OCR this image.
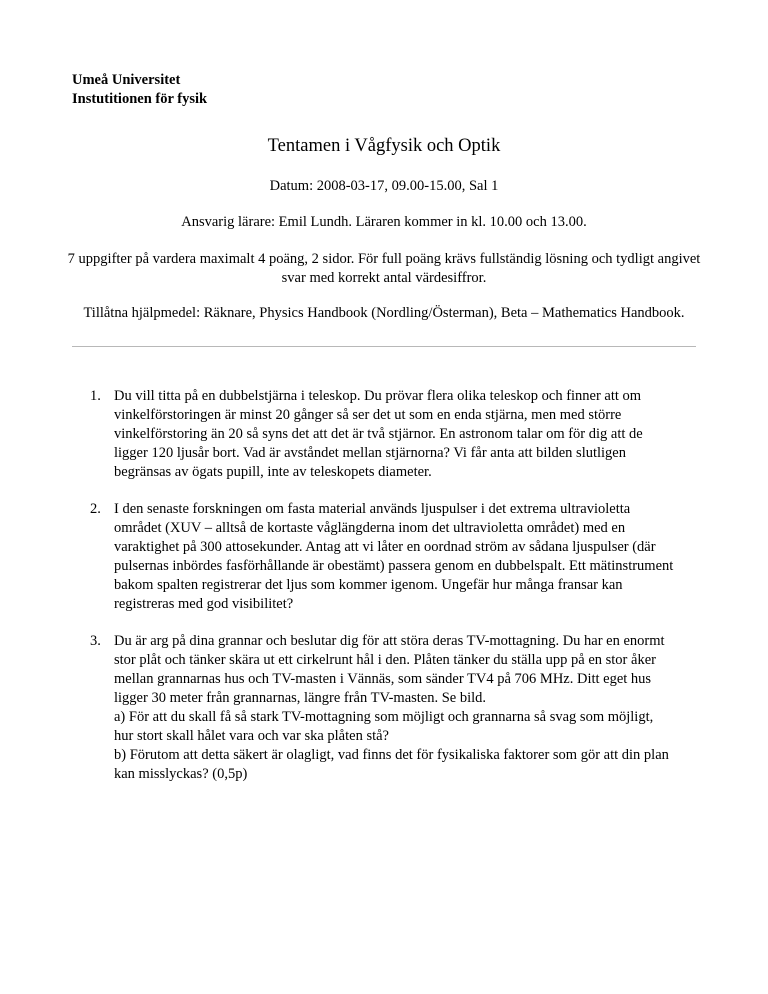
Umeå Universitet
Instutitionen för fysik
Tentamen i Vågfysik och Optik
Datum: 2008-03-17, 09.00-15.00, Sal 1
Ansvarig lärare: Emil Lundh. Läraren kommer in kl. 10.00 och 13.00.
7 uppgifter på vardera maximalt 4 poäng, 2 sidor. För full poäng krävs fullständig lösning och tydligt angivet svar med korrekt antal värdesiffror.
Tillåtna hjälpmedel: Räknare, Physics Handbook (Nordling/Österman), Beta – Mathematics Handbook.
1. Du vill titta på en dubbelstjärna i teleskop. Du prövar flera olika teleskop och finner att om
vinkelförstoringen är minst 20 gånger så ser det ut som en enda stjärna, men med större
vinkelförstoring än 20 så syns det att det är två stjärnor. En astronom talar om för dig att de
ligger 120 ljusår bort. Vad är avståndet mellan stjärnorna? Vi får anta att bilden slutligen
begränsas av ögats pupill, inte av teleskopets diameter.
2. I den senaste forskningen om fasta material används ljuspulser i det extrema ultravioletta
området (XUV – alltså de kortaste våglängderna inom det ultravioletta området) med en
varaktighet på 300 attosekunder. Antag att vi låter en oordnad ström av sådana ljuspulser (där
pulsernas inbördes fasförhållande är obestämt) passera genom en dubbelspalt. Ett mätinstrument
bakom spalten registrerar det ljus som kommer igenom. Ungefär hur många fransar kan
registreras med god visibilitet?
3. Du är arg på dina grannar och beslutar dig för att störa deras TV-mottagning. Du har en enormt
stor plåt och tänker skära ut ett cirkelrunt hål i den. Plåten tänker du ställa upp på en stor åker
mellan grannarnas hus och TV-masten i Vännäs, som sänder TV4 på 706 MHz. Ditt eget hus
ligger 30 meter från grannarnas, längre från TV-masten. Se bild.
a) För att du skall få så stark TV-mottagning som möjligt och grannarna så svag som möjligt,
hur stort skall hålet vara och var ska plåten stå?
b) Förutom att detta säkert är olagligt, vad finns det för fysikaliska faktorer som gör att din plan
kan misslyckas? (0,5p)
